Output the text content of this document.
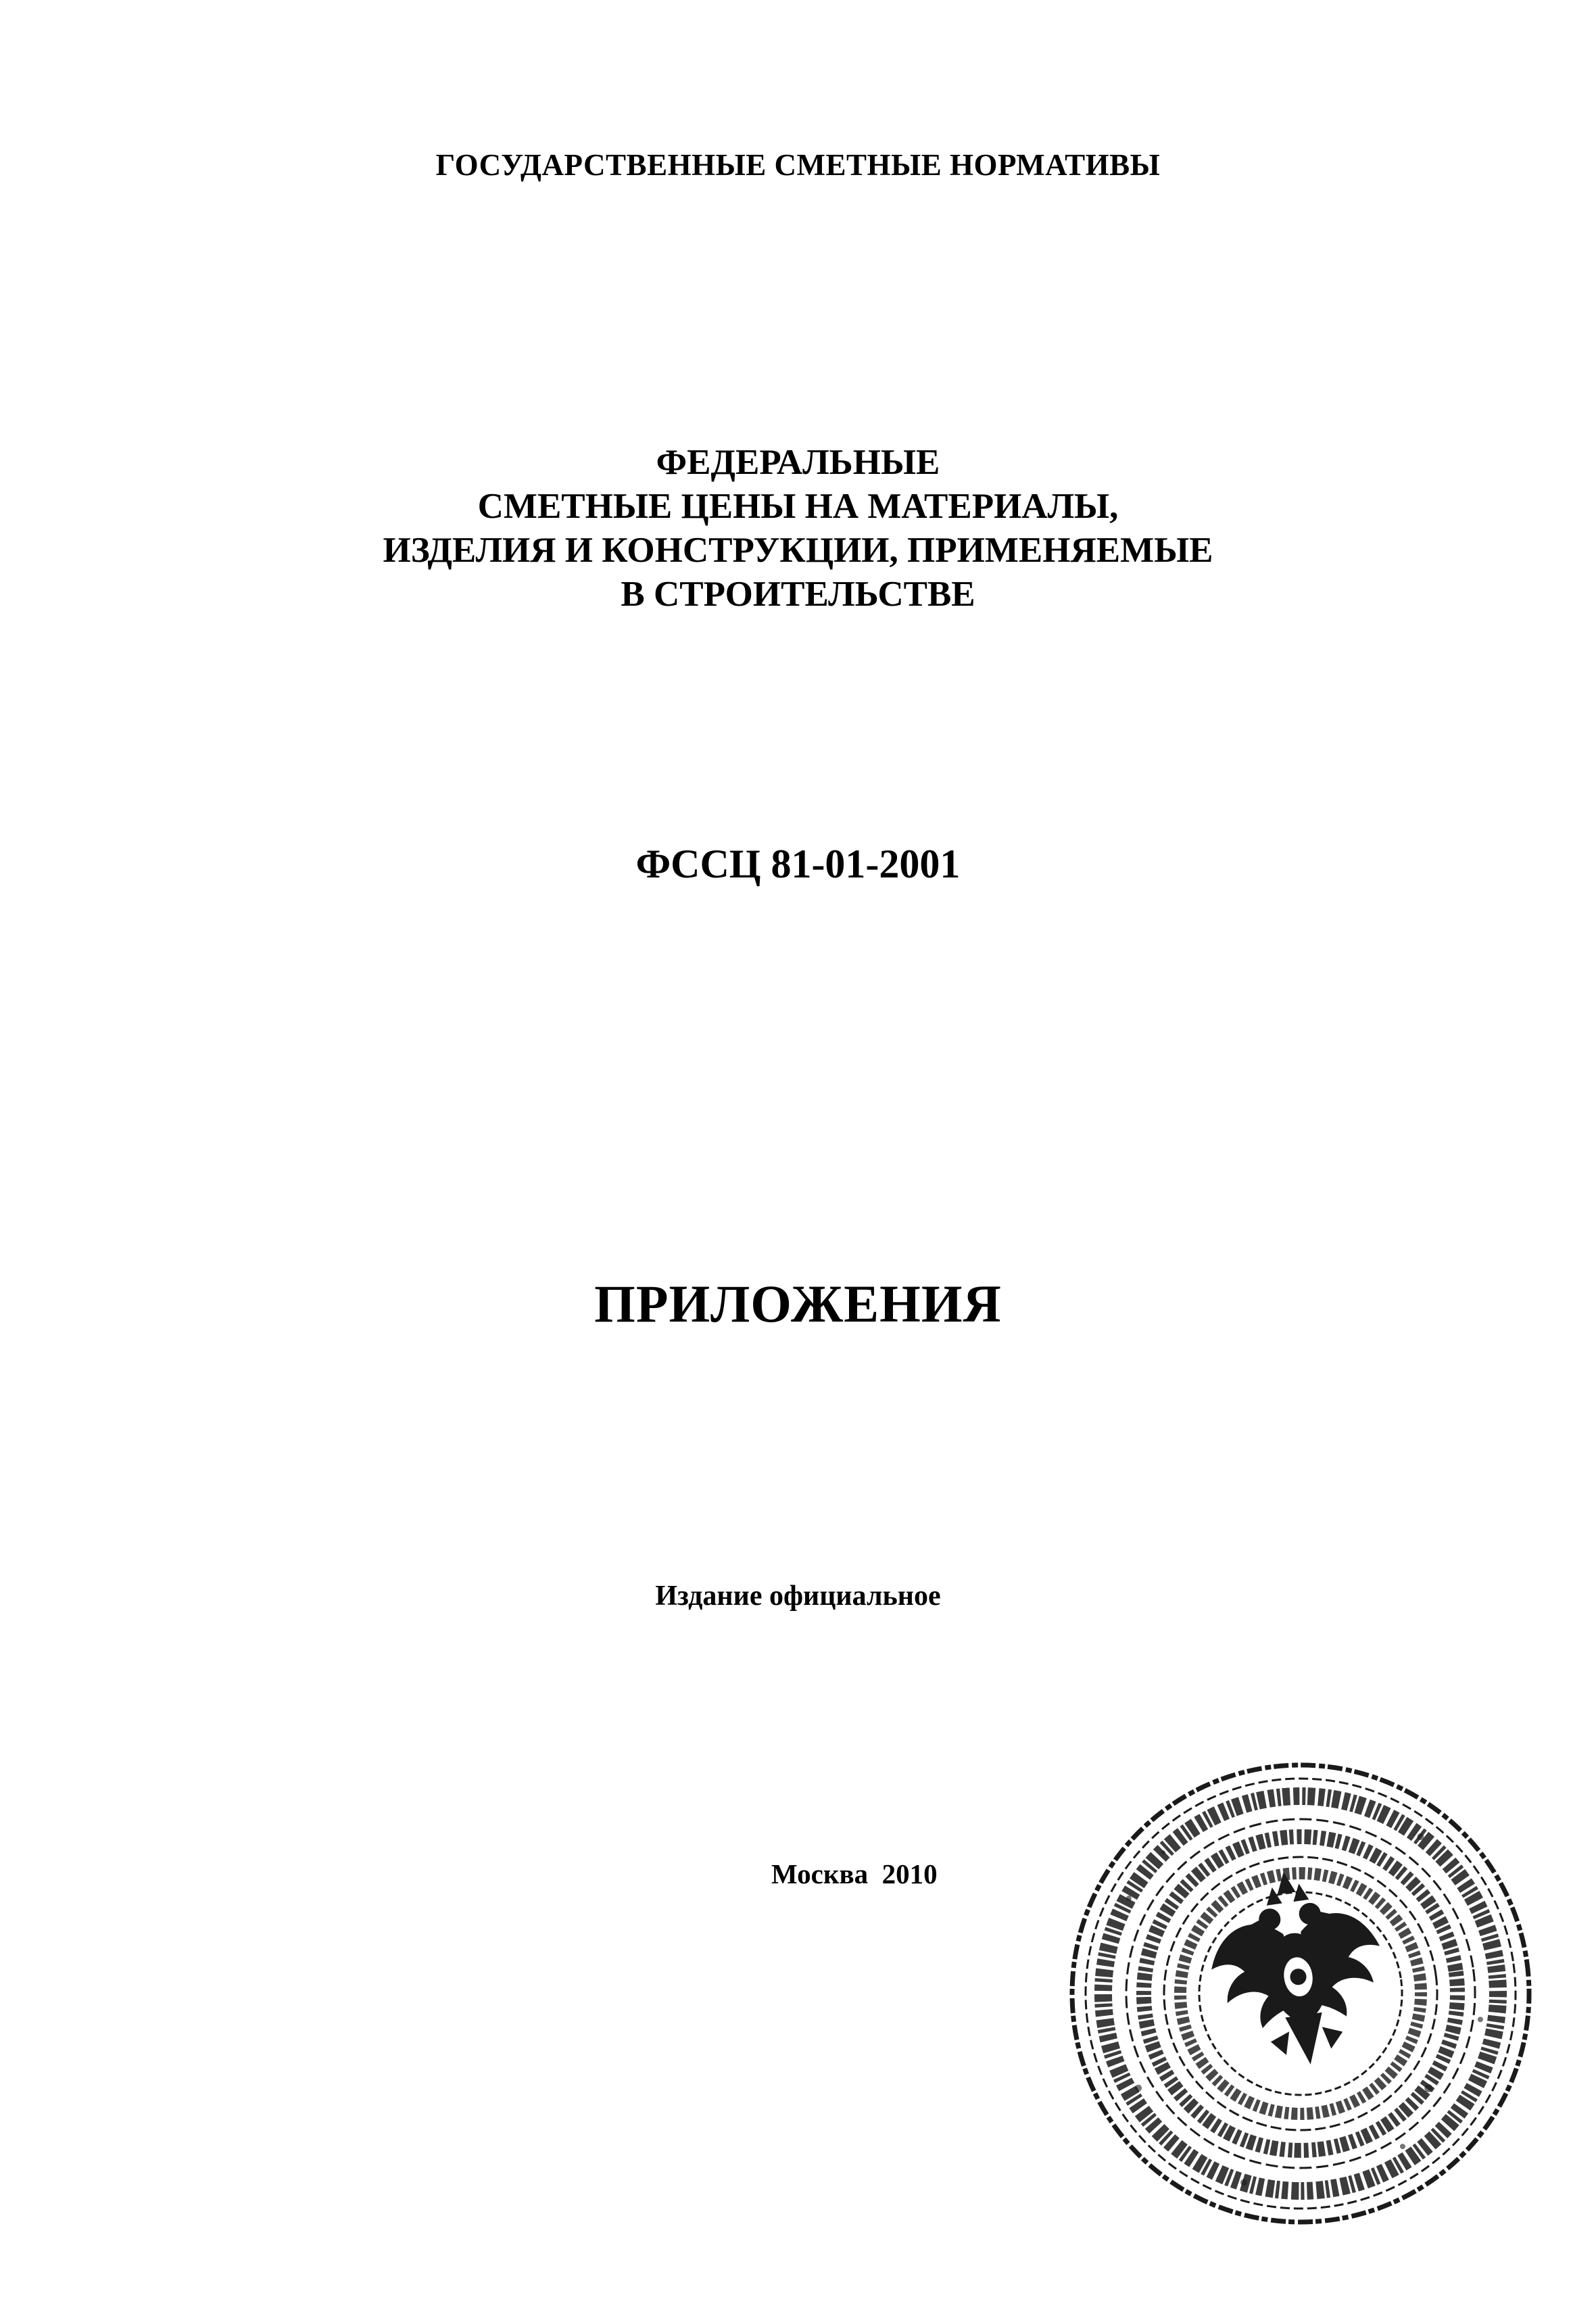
ГОСУДАРСТВЕННЫЕ СМЕТНЫЕ НОРМАТИВЫ
ФЕДЕРАЛЬНЫЕ
СМЕТНЫЕ ЦЕНЫ НА МАТЕРИАЛЫ,
ИЗДЕЛИЯ И КОНСТРУКЦИИ, ПРИМЕНЯЕМЫЕ
В СТРОИТЕЛЬСТВЕ
ФССЦ 81-01-2001
ПРИЛОЖЕНИЯ
Издание официальное
Москва  2010
